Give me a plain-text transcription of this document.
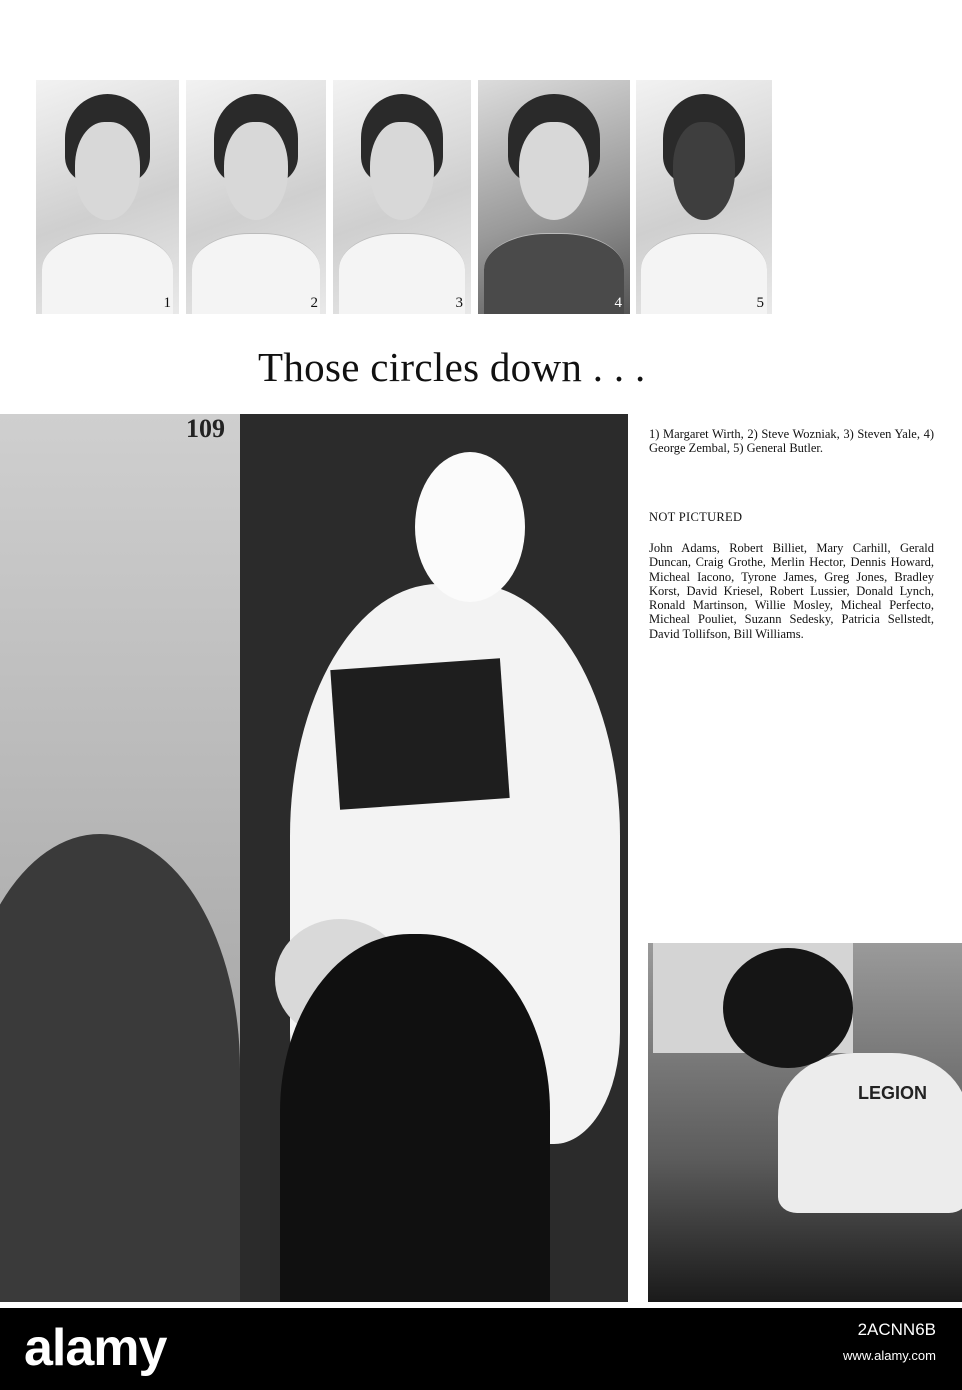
1	2	3	4	5
Those circles down . . .
109	1) Margaret Wirth, 2) Steve Wozniak, 3) Steven Yale, 4) George Zembal, 5) General Butler.
NOT PICTURED
John Adams, Robert Billiet, Mary Carhill, Gerald Duncan, Craig Grothe, Merlin Hector, Dennis Howard, Micheal Iacono, Tyrone James, Greg Jones, Bradley Korst, David Kriesel, Robert Lussier, Donald Lynch, Ronald Martinson, Willie Mosley, Micheal Perfecto, Micheal Pouliet, Suzann Sedesky, Patricia Sellstedt, David Tollifson, Bill Williams.
LEGION
alamy	2ACNN6B
www.alamy.com
